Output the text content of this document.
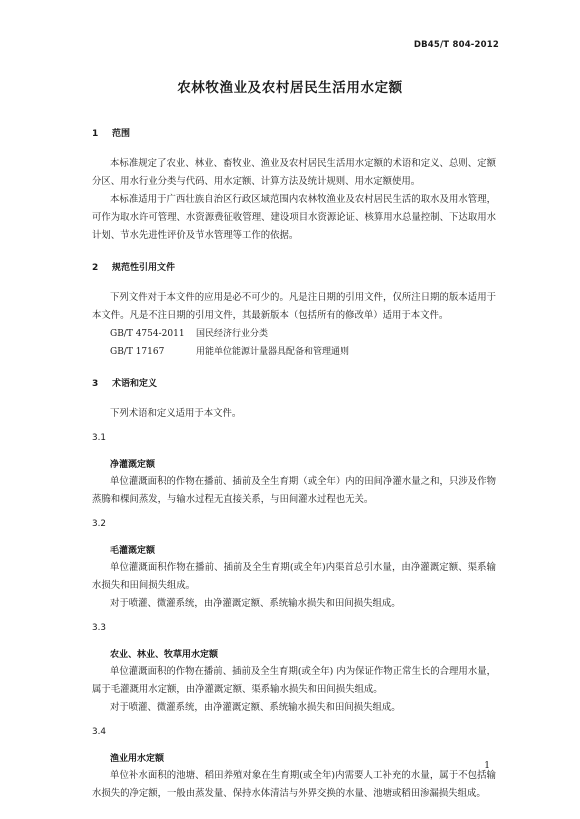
DB45/T 804-2012
农林牧渔业及农村居民生活用水定额
1 范围

本标准规定了农业、林业、畜牧业、渔业及农村居民生活用水定额的术语和定义、总则、定额分区、用水行业分类与代码、用水定额、计算方法及统计规则、用水定额使用。

本标准适用于广西壮族自治区行政区域范围内农林牧渔业及农村居民生活的取水及用水管理，可作为取水许可管理、水资源费征收管理、建设项目水资源论证、核算用水总量控制、下达取用水计划、节水先进性评价及节水管理等工作的依据。

2 规范性引用文件

下列文件对于本文件的应用是必不可少的。凡是注日期的引用文件，仅所注日期的版本适用于本文件。凡是不注日期的引用文件，其最新版本（包括所有的修改单）适用于本文件。

GB/T 4754-2011 国民经济行业分类

GB/T 17167	用能单位能源计量器具配备和管理通则

3 术语和定义

下列术语和定义适用于本文件。

3.1
净灌溉定额

单位灌溉面积的作物在播前、插前及全生育期（或全年）内的田间净灌水量之和，只涉及作物蒸腾和棵间蒸发，与输水过程无直接关系，与田间灌水过程也无关。

3.2
毛灌溉定额

单位灌溉面积作物在播前、插前及全生育期(或全年)内渠首总引水量，由净灌溉定额、渠系输水损失和田间损失组成。

对于喷灌、微灌系统，由净灌溉定额、系统输水损失和田间损失组成。

3.3
农业、林业、牧草用水定额

单位灌溉面积的作物在播前、插前及全生育期(或全年) 内为保证作物正常生长的合理用水量，属于毛灌溉用水定额，由净灌溉定额、渠系输水损失和田间损失组成。

对于喷灌、微灌系统，由净灌溉定额、系统输水损失和田间损失组成。

3.4
渔业用水定额

单位补水面积的池塘、稻田养殖对象在生育期(或全年)内需要人工补充的水量，属于不包括输水损失的净定额，一般由蒸发量、保持水体清洁与外界交换的水量、池塘或稻田渗漏损失组成。

1
